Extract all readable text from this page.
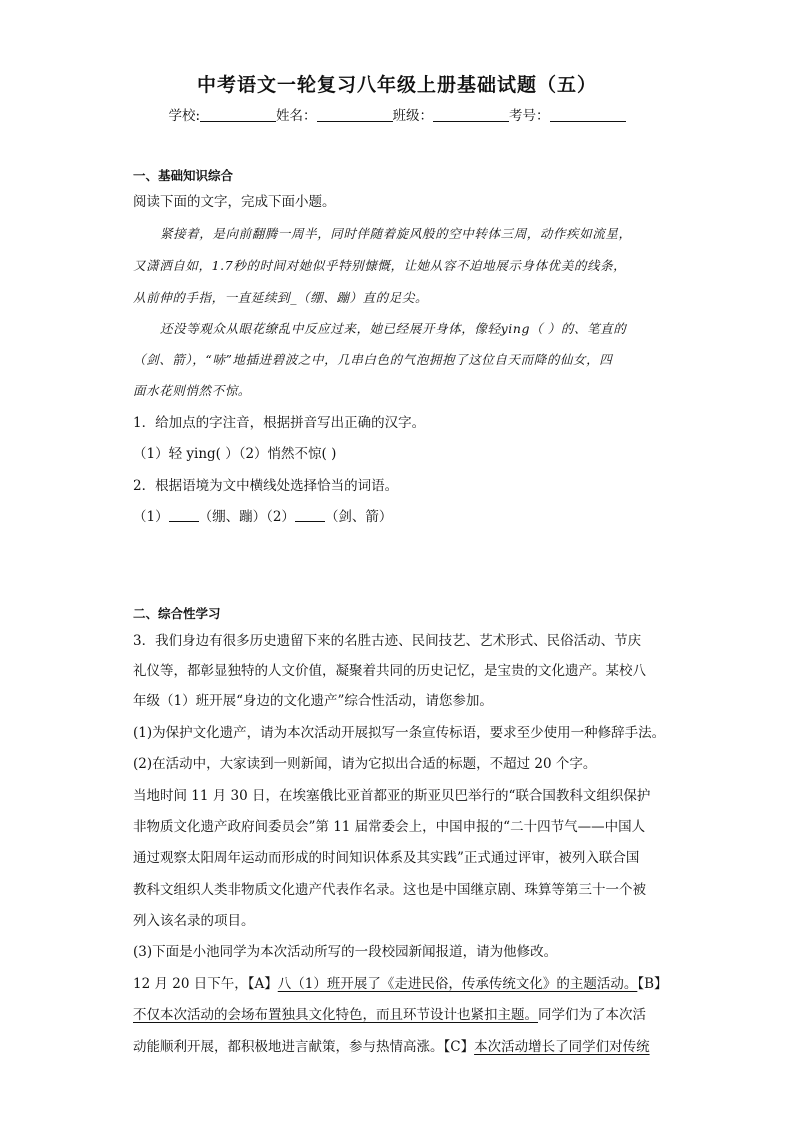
中考语文一轮复习八年级上册基础试题（五）
学校:	姓名：	班级：	考号：
一、基础知识综合
阅读下面的文字，完成下面小题。
紧接着，是向前翻腾一周半，同时伴随着旋风般的空中转体三周，动作疾如流星，
又潇洒自如，1.7秒的时间对她似乎特别慷慨，让她从容不迫地展示身体优美的线条，
从前伸的手指，一直延续到_（绷、蹦）直的足尖。
还没等观众从眼花缭乱中反应过来，她已经展开身体，像轻ying（ ）的、笔直的
（剑、箭），“哧”地插进碧波之中，几串白色的气泡拥抱了这位自天而降的仙女，四
面水花则悄然不惊。
1．给加点的字注音，根据拼音写出正确的汉字。
（1）轻 ying( ）（2）悄然不惊( )
2．根据语境为文中横线处选择恰当的词语。
（1） （绷、蹦）（2） （剑、箭）
二、综合性学习
3．我们身边有很多历史遗留下来的名胜古迹、民间技艺、艺术形式、民俗活动、节庆
礼仪等，都彰显独特的人文价值，凝聚着共同的历史记忆，是宝贵的文化遗产。某校八
年级（1）班开展“身边的文化遗产”综合性活动，请您参加。
(1)为保护文化遗产，请为本次活动开展拟写一条宣传标语，要求至少使用一种修辞手法。
(2)在活动中，大家读到一则新闻，请为它拟出合适的标题，不超过 20 个字。
当地时间 11 月 30 日，在埃塞俄比亚首都亚的斯亚贝巴举行的“联合国教科文组织保护
非物质文化遗产政府间委员会”第 11 届常委会上，中国申报的“二十四节气——中国人
通过观察太阳周年运动而形成的时间知识体系及其实践”正式通过评审，被列入联合国
教科文组织人类非物质文化遗产代表作名录。这也是中国继京剧、珠算等第三十一个被
列入该名录的项目。
(3)下面是小池同学为本次活动所写的一段校园新闻报道，请为他修改。
12 月 20 日下午，【A】八（1）班开展了《走进民俗，传承传统文化》的主题活动。【B】
不仅本次活动的会场布置独具文化特色，而且环节设计也紧扣主题。同学们为了本次活
动能顺利开展，都积极地进言献策，参与热情高涨。【C】本次活动增长了同学们对传统
